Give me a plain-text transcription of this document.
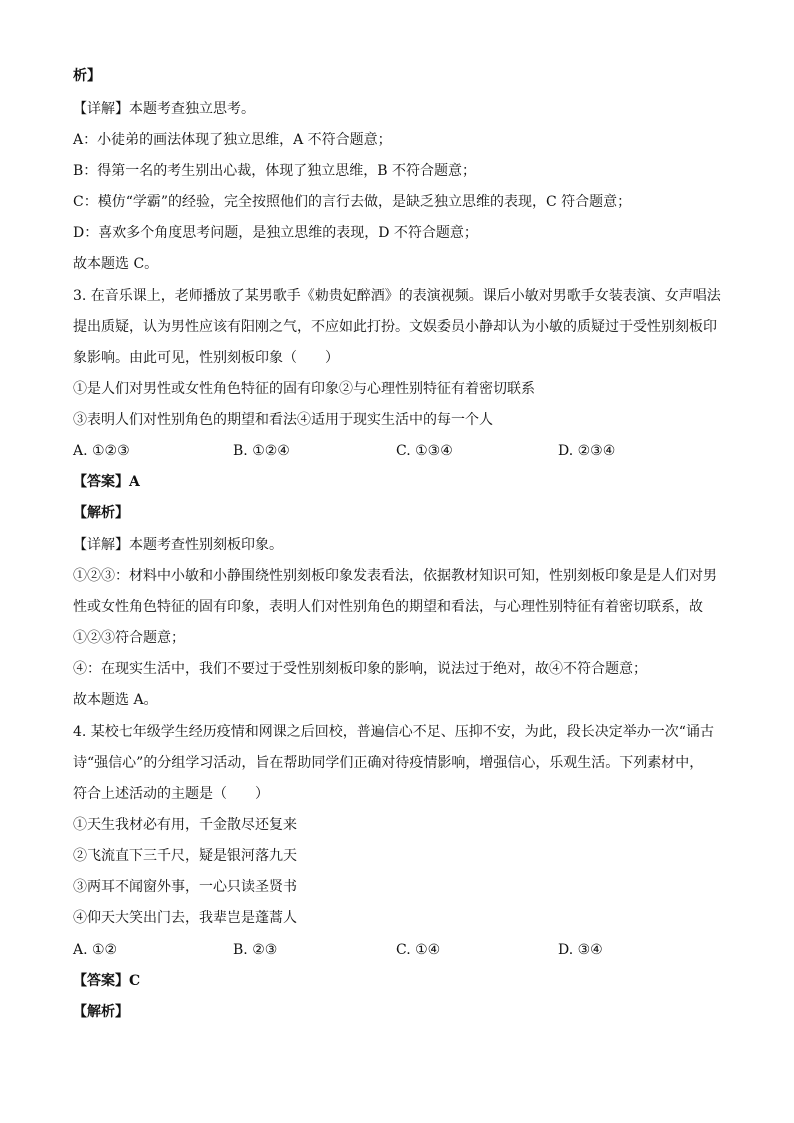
析】
【详解】本题考查独立思考。
A：小徒弟的画法体现了独立思维，A 不符合题意；
B：得第一名的考生别出心裁，体现了独立思维，B 不符合题意；
C：模仿“学霸”的经验，完全按照他们的言行去做，是缺乏独立思维的表现，C 符合题意；
D：喜欢多个角度思考问题，是独立思维的表现，D 不符合题意；
故本题选 C。
3. 在音乐课上，老师播放了某男歌手《勅贵妃醉酒》的表演视频。课后小敏对男歌手女装表演、女声唱法
提出质疑，认为男性应该有阳刚之气，不应如此打扮。文娱委员小静却认为小敏的质疑过于受性别刻板印
象影响。由此可见，性别刻板印象（　　）
①是人们对男性或女性角色特征的固有印象②与心理性别特征有着密切联系
③表明人们对性别角色的期望和看法④适用于现实生活中的每一个人
A. ①②③	B. ①②④	C. ①③④	D. ②③④
【答案】A
【解析】
【详解】本题考查性别刻板印象。
①②③：材料中小敏和小静围绕性别刻板印象发表看法，依据教材知识可知，性别刻板印象是是人们对男
性或女性角色特征的固有印象，表明人们对性别角色的期望和看法，与心理性别特征有着密切联系，故
①②③符合题意；
④：在现实生活中，我们不要过于受性别刻板印象的影响，说法过于绝对，故④不符合题意；
故本题选 A。
4. 某校七年级学生经历疫情和网课之后回校，普遍信心不足、压抑不安，为此，段长决定举办一次“诵古
诗“强信心”的分组学习活动，旨在帮助同学们正确对待疫情影响，增强信心，乐观生活。下列素材中，
符合上述活动的主题是（　　）
①天生我材必有用，千金散尽还复来
②飞流直下三千尺，疑是银河落九天
③两耳不闻窗外事，一心只读圣贤书
④仰天大笑出门去，我辈岂是蓬蒿人
A. ①②	B. ②③	C. ①④	D. ③④
【答案】C
【解析】
